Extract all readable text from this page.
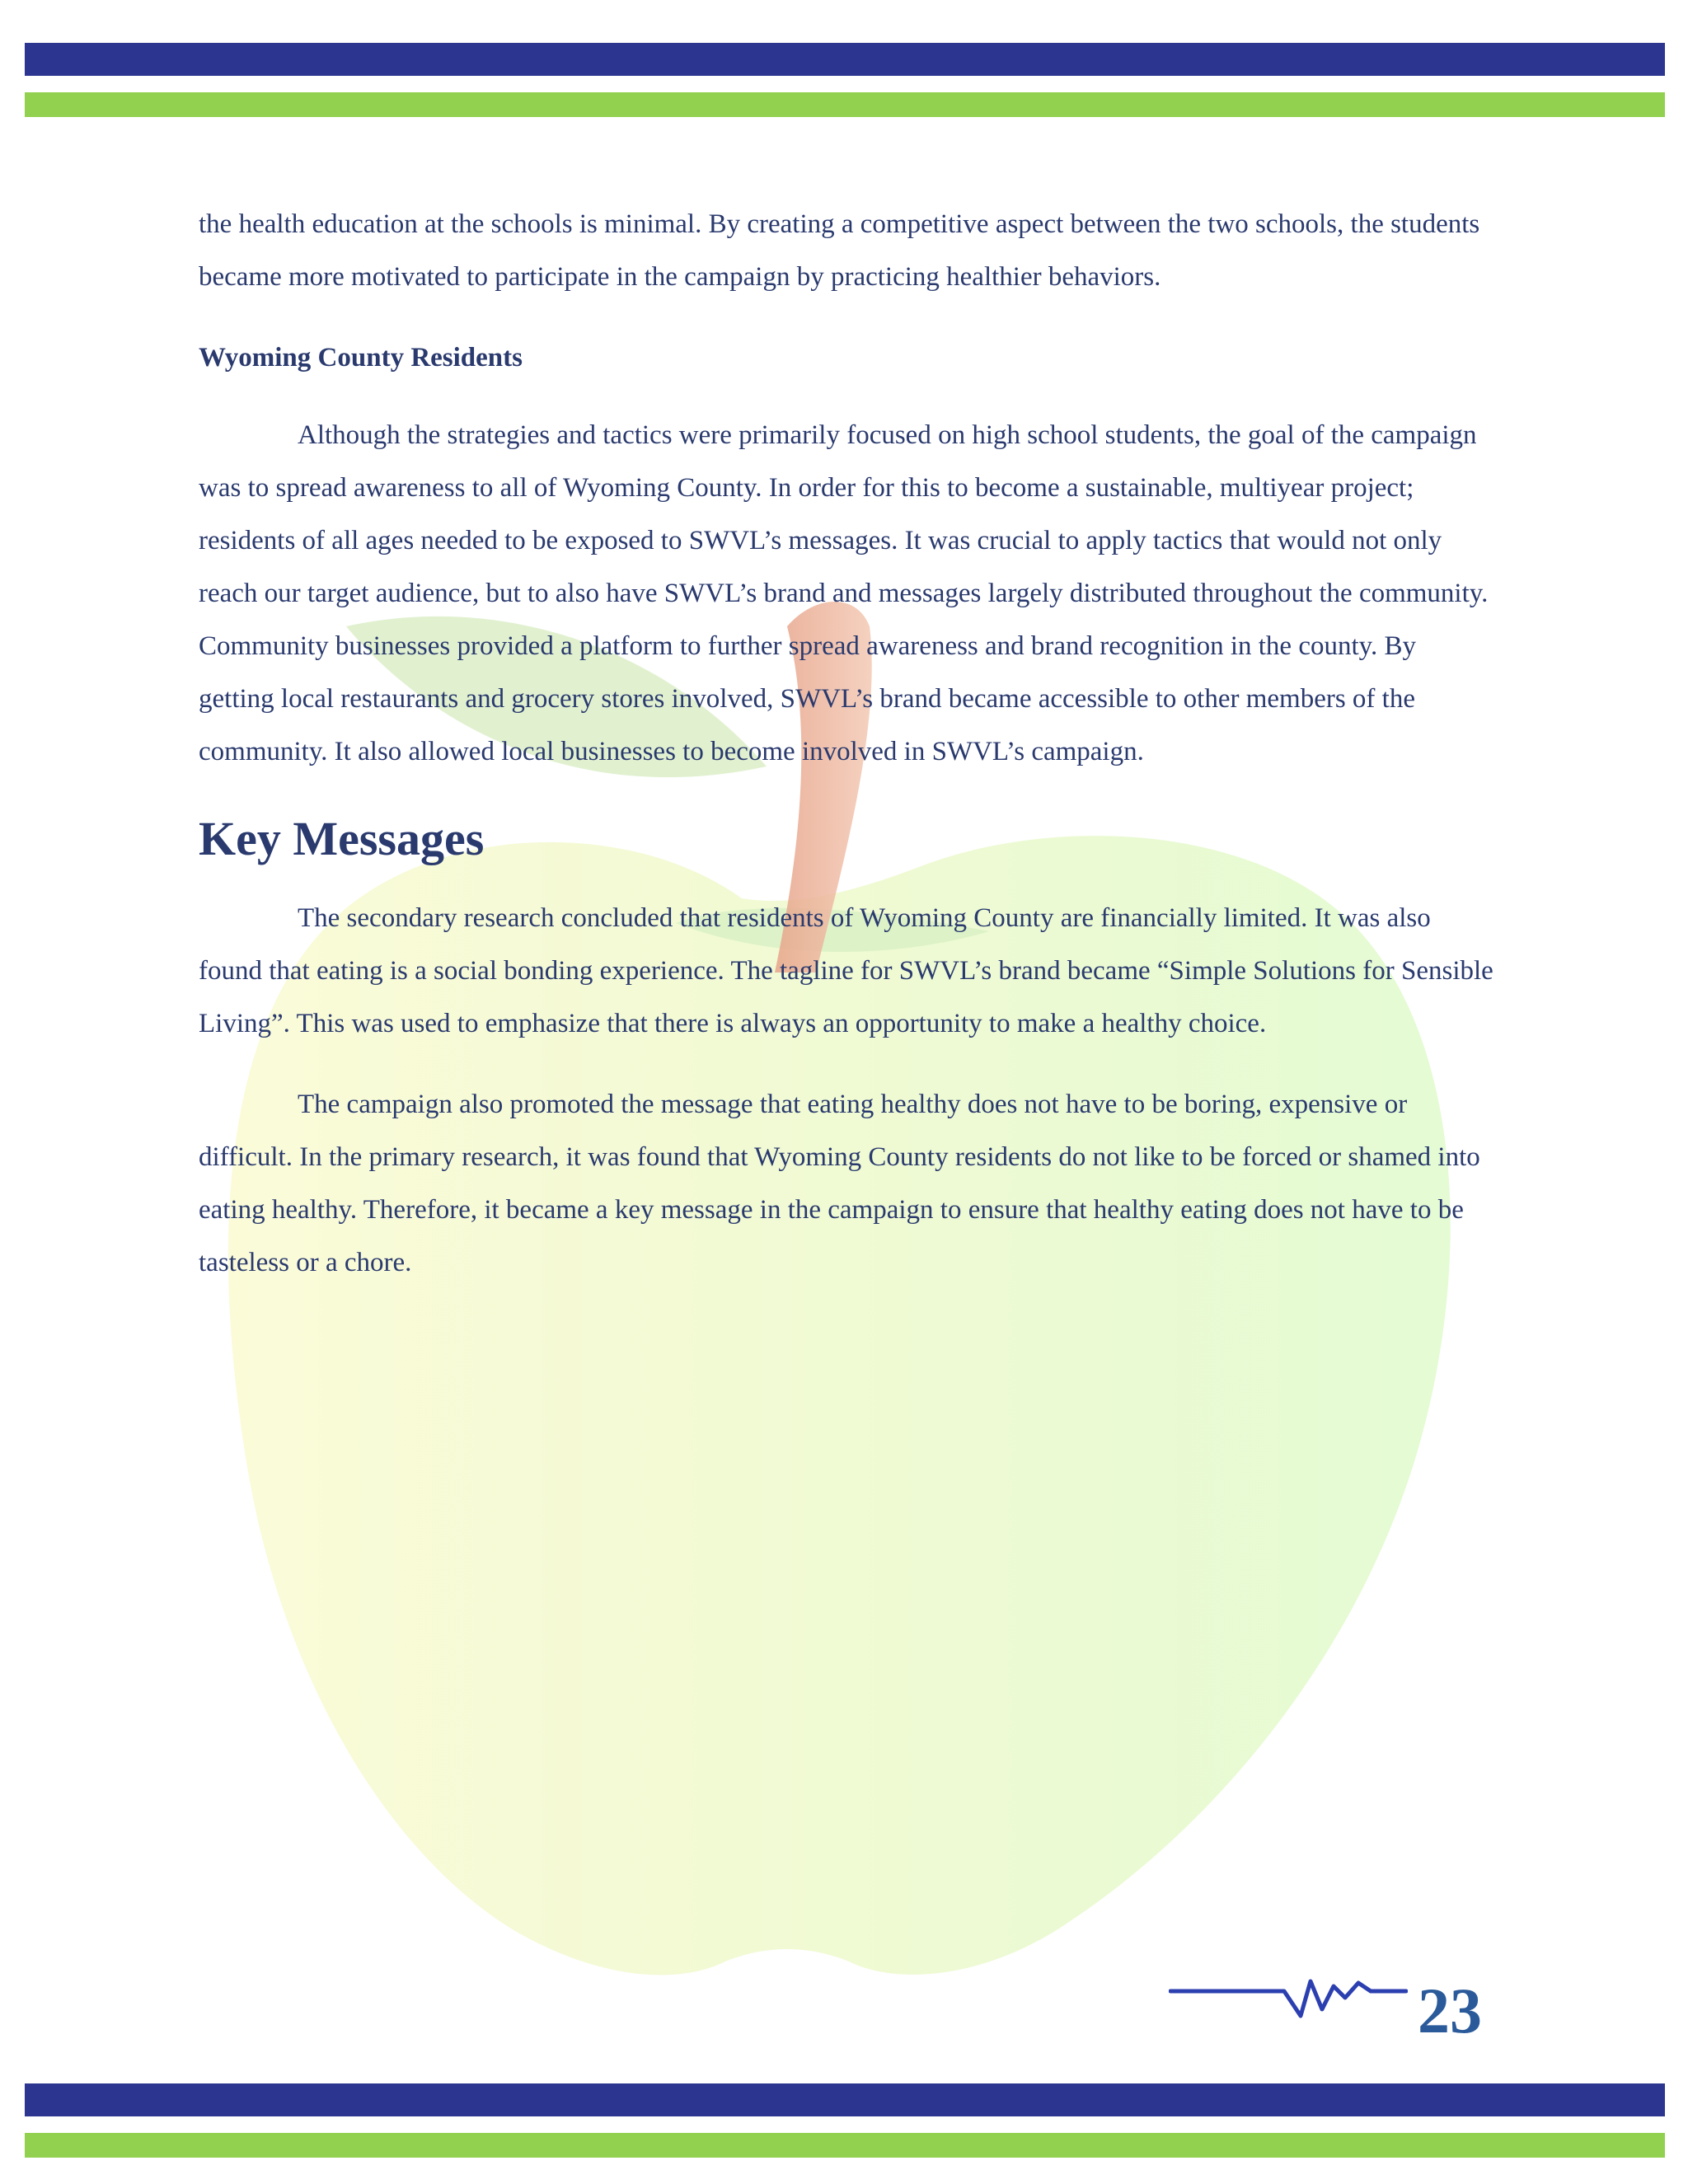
the health education at the schools is minimal. By creating a competitive aspect between the two schools, the students became more motivated to participate in the campaign by practicing healthier behaviors.

Wyoming County Residents

Although the strategies and tactics were primarily focused on high school students, the goal of the campaign was to spread awareness to all of Wyoming County. In order for this to become a sustainable, multiyear project; residents of all ages needed to be exposed to SWVL’s messages. It was crucial to apply tactics that would not only reach our target audience, but to also have SWVL’s brand and messages largely distributed throughout the community. Community businesses provided a platform to further spread awareness and brand recognition in the county. By getting local restaurants and grocery stores involved, SWVL’s brand became accessible to other members of the community. It also allowed local businesses to become involved in SWVL’s campaign.

Key Messages

The secondary research concluded that residents of Wyoming County are financially limited. It was also found that eating is a social bonding experience. The tagline for SWVL’s brand became “Simple Solutions for Sensible Living”. This was used to emphasize that there is always an opportunity to make a healthy choice.

The campaign also promoted the message that eating healthy does not have to be boring, expensive or difficult. In the primary research, it was found that Wyoming County residents do not like to be forced or shamed into eating healthy. Therefore, it became a key message in the campaign to ensure that healthy eating does not have to be tasteless or a chore.

23
